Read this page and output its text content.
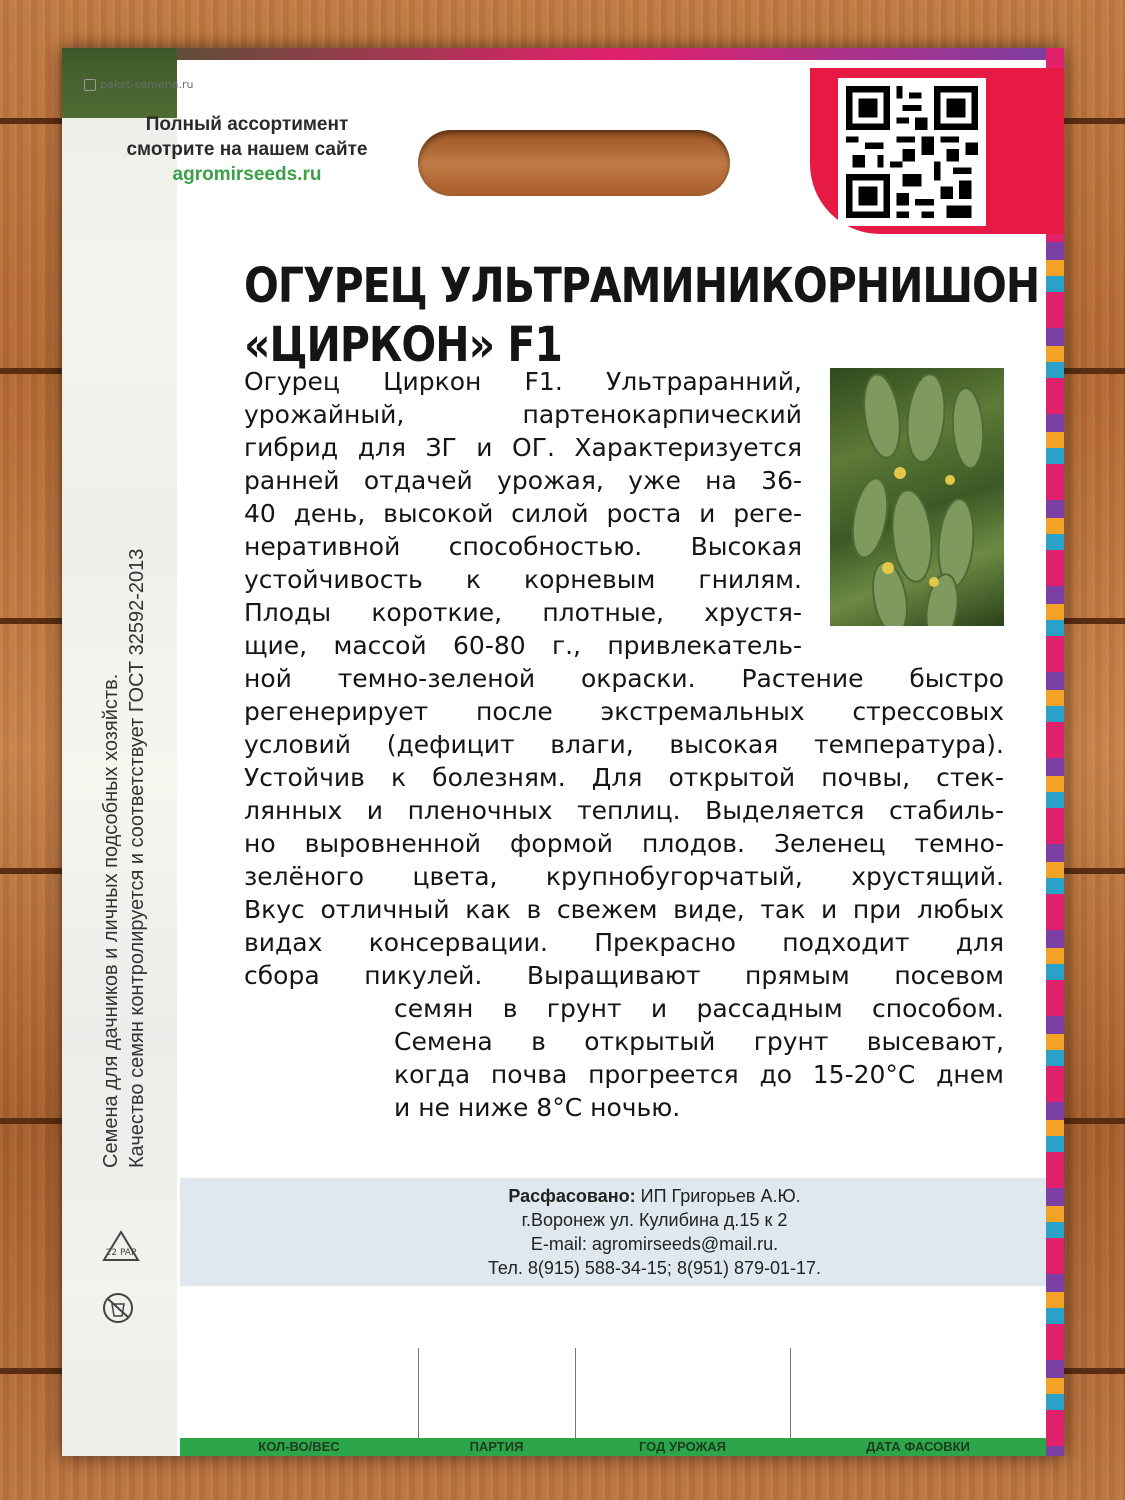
paket-semena.ru
Полный ассортимент
смотрите на нашем сайте
agromirseeds.ru
Семена для дачников и личных подсобных хозяйств. Качество семян контролируется и соответствует ГОСТ 32592-2013
22 PAP
ОГУРЕЦ УЛЬТРАМИНИКОРНИШОН
«ЦИРКОН» F1
Огурец Циркон F1. Ультраранний,
урожайный, партенокарпический
гибрид для ЗГ и ОГ. Характеризуется
ранней отдачей урожая, уже на 36-
40 день, высокой силой роста и реге-
неративной способностью. Высокая
устойчивость к корневым гнилям.
Плоды короткие, плотные, хрустя-
щие, массой 60-80 г., привлекатель-
ной темно-зеленой окраски. Растение быстро
регенерирует после экстремальных стрессовых
условий (дефицит влаги, высокая температура).
Устойчив к болезням. Для открытой почвы, стек-
лянных и пленочных теплиц. Выделяется стабиль-
но выровненной формой плодов. Зеленец темно-
зелёного цвета, крупнобугорчатый, хрустящий.
Вкус отличный как в свежем виде, так и при любых
видах консервации. Прекрасно подходит для
сбора пикулей. Выращивают прямым посевом
семян в грунт и рассадным способом.
Семена в открытый грунт высевают,
когда почва прогреется до 15-20°С днем
и не ниже 8°С ночью.
Расфасовано: ИП Григорьев А.Ю.
г.Воронеж ул. Кулибина д.15 к 2
E-mail: agromirseeds@mail.ru.
Тел. 8(915) 588-34-15; 8(951) 879-01-17.
КОЛ-ВО/ВЕС	ПАРТИЯ	ГОД УРОЖАЯ	ДАТА ФАСОВКИ
